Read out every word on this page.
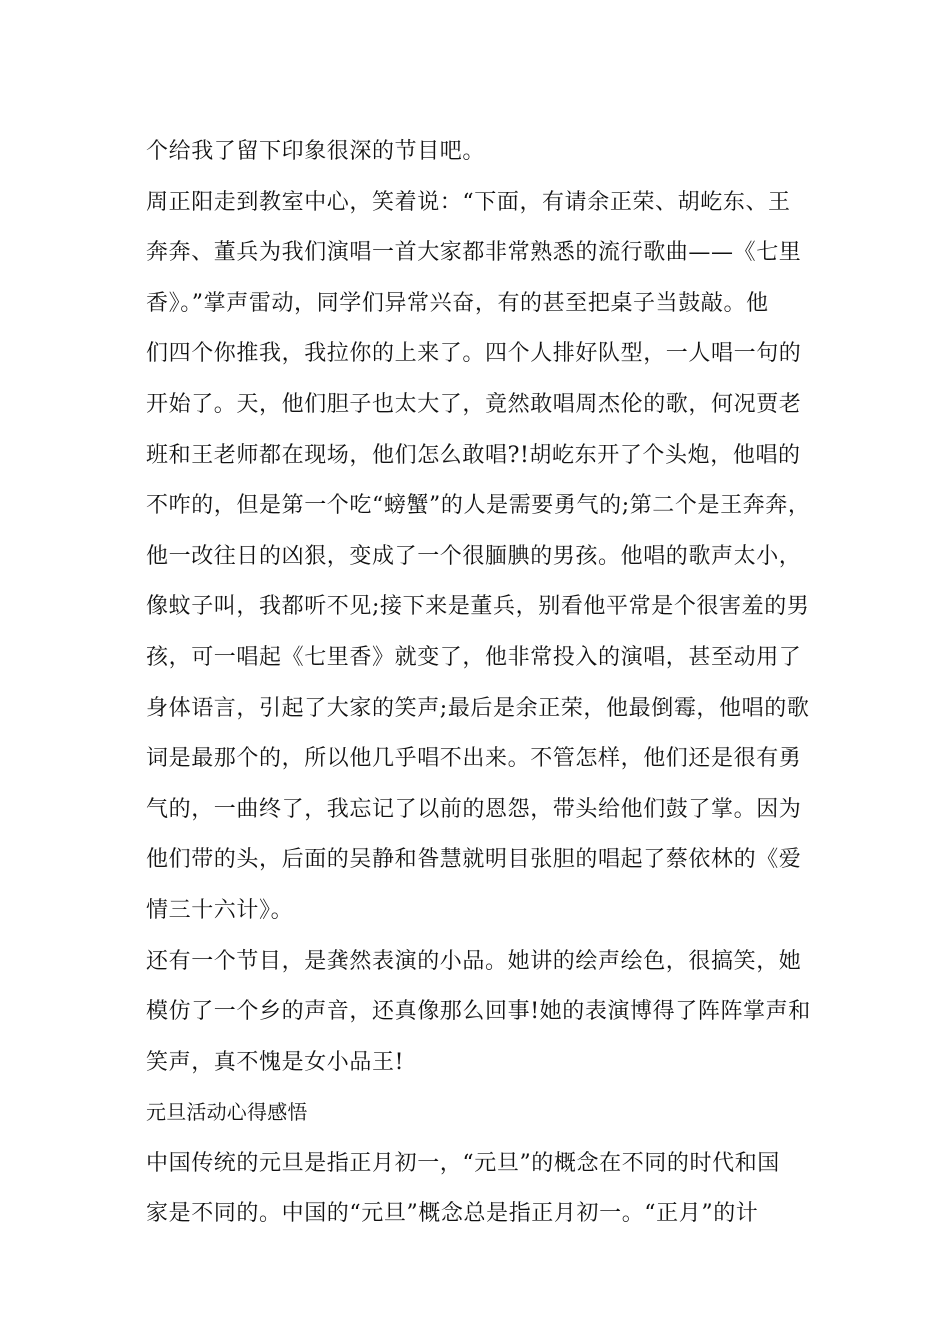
个给我了留下印象很深的节目吧。
周正阳走到教室中心，笑着说：“下面，有请余正荣、胡屹东、王
奔奔、董兵为我们演唱一首大家都非常熟悉的流行歌曲——《七里
香》。”掌声雷动，同学们异常兴奋，有的甚至把桌子当鼓敲。他
们四个你推我，我拉你的上来了。四个人排好队型，一人唱一句的
开始了。天，他们胆子也太大了，竟然敢唱周杰伦的歌，何况贾老
班和王老师都在现场，他们怎么敢唱?!胡屹东开了个头炮，他唱的
不咋的，但是第一个吃“螃蟹”的人是需要勇气的;第二个是王奔奔，
他一改往日的凶狠，变成了一个很腼腆的男孩。他唱的歌声太小，
像蚊子叫，我都听不见;接下来是董兵，别看他平常是个很害羞的男
孩，可一唱起《七里香》就变了，他非常投入的演唱，甚至动用了
身体语言，引起了大家的笑声;最后是余正荣，他最倒霉，他唱的歌
词是最那个的，所以他几乎唱不出来。不管怎样，他们还是很有勇
气的，一曲终了，我忘记了以前的恩怨，带头给他们鼓了掌。因为
他们带的头，后面的吴静和昝慧就明目张胆的唱起了蔡依林的《爱
情三十六计》。
还有一个节目，是龚然表演的小品。她讲的绘声绘色，很搞笑，她
模仿了一个乡的声音，还真像那么回事!她的表演博得了阵阵掌声和
笑声，真不愧是女小品王!
元旦活动心得感悟
中国传统的元旦是指正月初一，“元旦”的概念在不同的时代和国
家是不同的。中国的“元旦”概念总是指正月初一。“正月”的计
